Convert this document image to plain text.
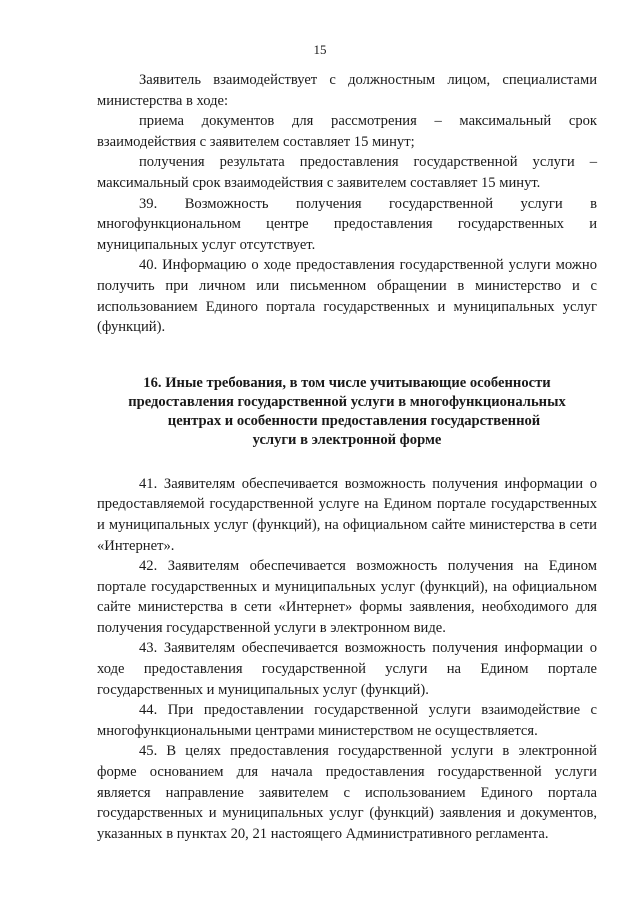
15

Заявитель взаимодействует с должностным лицом, специалистами министерства в ходе:

приема документов для рассмотрения – максимальный срок взаимодействия с заявителем составляет 15 минут;

получения результата предоставления государственной услуги – максимальный срок взаимодействия с заявителем составляет 15 минут.

39. Возможность получения государственной услуги в многофункциональном центре предоставления государственных и муниципальных услуг отсутствует.

40. Информацию о ходе предоставления государственной услуги можно получить при личном или письменном обращении в министерство и с использованием Единого портала государственных и муниципальных услуг (функций).

16. Иные требования, в том числе учитывающие особенности
предоставления государственной услуги в многофункциональных
центрах и особенности предоставления государственной
услуги в электронной форме

41. Заявителям обеспечивается возможность получения информации о предоставляемой государственной услуге на Едином портале государственных и муниципальных услуг (функций), на официальном сайте министерства в сети «Интернет».

42. Заявителям обеспечивается возможность получения на Едином портале государственных и муниципальных услуг (функций), на официальном сайте министерства в сети «Интернет» формы заявления, необходимого для получения государственной услуги в электронном виде.

43. Заявителям обеспечивается возможность получения информации о ходе предоставления государственной услуги на Едином портале государственных и муниципальных услуг (функций).

44. При предоставлении государственной услуги взаимодействие с многофункциональными центрами министерством не осуществляется.

45. В целях предоставления государственной услуги в электронной форме основанием для начала предоставления государственной услуги является направление заявителем с использованием Единого портала государственных и муниципальных услуг (функций) заявления и документов, указанных в пунктах 20, 21 настоящего Административного регламента.
